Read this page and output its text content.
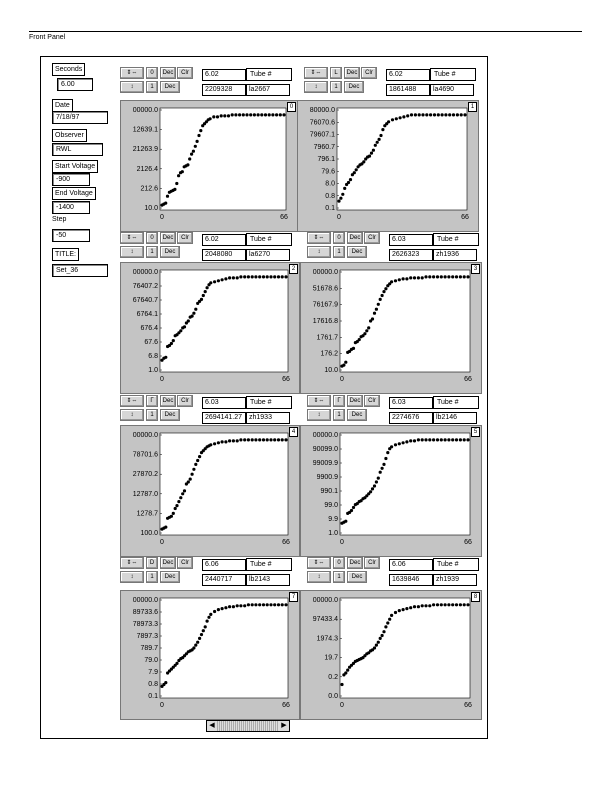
Front Panel
Seconds
6.00
Date
7/18/97
Observer
RWL
Start Voltage
-900
End Voltage
-1400
Step
-50
TITLE:
Set_36
⇕⇔	0	Dec	Clr
↕	1	Dec
6.02
2209328
Tube #
la2667
0
00000.0
12639.1
21263.9
2126.4
212.6
10.0
0	66
⇕⇔	L	Dec	Clr
↕	1	Dec
6.02
1861488
Tube #
la4690
1
80000.0
76070.6
79607.1
7960.7
796.1
79.6
8.0
0.8
0.1
0	66
⇕⇔	0	Dec	Clr
↕	1	Dec
6.02
2048080
Tube #
la6270
2
00000.0
76407.2
67640.7
6764.1
676.4
67.6
6.8
1.0
0	66
⇕⇔	0	Dec	Clr
↕	1	Dec
6.03
2626323
Tube #
zh1936
3
00000.0
51678.6
76167.9
17616.8
1761.7
176.2
10.0
0	66
⇕⇔	Γ	Dec	Clr
↕	1	Dec
6.03
2694141.27
Tube #
zh1933
4
00000.0
78701.6
27870.2
12787.0
1278.7
100.0
0	66
⇕⇔	Γ	Dec	Clr
↕	1	Dec
6.03
2274676
Tube #
lb2146
5
00000.0
90099.0
99009.9
9900.9
990.1
99.0
9.9
1.0
0	66
⇕⇔	D	Dec	Clr
↕	1	Dec
6.06
2440717
Tube #
lb2143
7
00000.0
89733.6
78973.3
7897.3
789.7
79.0
7.9
0.8
0.1
0	66
⇕⇔	0	Dec	Clr
↕	1	Dec
6.06
1639846
Tube #
zh1939
8
00000.0
97433.4
1974.3
19.7
0.2
0.0
0	66
◀	▶
